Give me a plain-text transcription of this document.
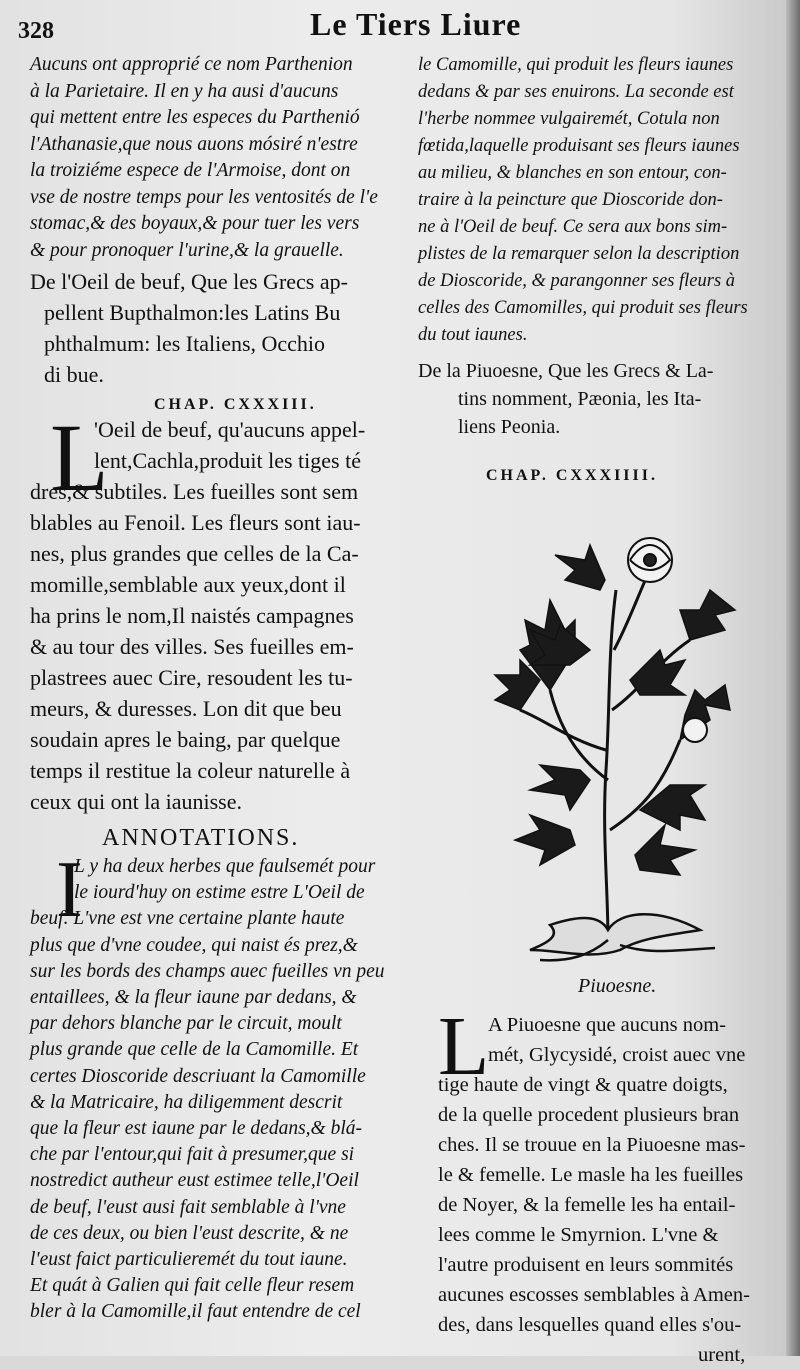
328	Le Tiers Liure
Aucuns ont approprié ce nom Parthenion
à la Parietaire. Il en y ha ausi d'aucuns
qui mettent entre les especes du Parthenió
l'Athanasie,que nous auons mósiré n'estre
la troiziéme espece de l'Armoise, dont on
vse de nostre temps pour les ventosités de l'e
stomac,& des boyaux,& pour tuer les vers
& pour pronoquer l'urine,& la grauelle.
De l'Oeil de beuf, Que les Grecs ap-
pellent Bupthalmon:les Latins Bu
phthalmum: les Italiens, Occhio
di bue.
CHAP. CXXXIII.
L
'Oeil de beuf, qu'aucuns appel-
lent,Cachla,produit les tiges té
dres,& subtiles. Les fueilles sont sem
blables au Fenoil. Les fleurs sont iau-
nes, plus grandes que celles de la Ca-
momille,semblable aux yeux,dont il
ha prins le nom,Il naistés campagnes
& au tour des villes. Ses fueilles em-
plastrees auec Cire, resoudent les tu-
meurs, & duresses. Lon dit que beu
soudain apres le baing, par quelque
temps il restitue la coleur naturelle à
ceux qui ont la iaunisse.
ANNOTATIONS.
I
L y ha deux herbes que faulsemét pour
le iourd'huy on estime estre L'Oeil de
beuf. L'vne est vne certaine plante haute
plus que d'vne coudee, qui naist és prez,&
sur les bords des champs auec fueilles vn peu
entaillees, & la fleur iaune par dedans, &
par dehors blanche par le circuit, moult
plus grande que celle de la Camomille. Et
certes Dioscoride descriuant la Camomille
& la Matricaire, ha diligemment descrit
que la fleur est iaune par le dedans,& blá-
che par l'entour,qui fait à presumer,que si
nostredict autheur eust estimee telle,l'Oeil
de beuf, l'eust ausi fait semblable à l'vne
de ces deux, ou bien l'eust descrite, & ne
l'eust faict particulieremét du tout iaune.
Et quát à Galien qui fait celle fleur resem
bler à la Camomille,il faut entendre de cel
le Camomille, qui produit les fleurs iaunes
dedans & par ses enuirons. La seconde est
l'herbe nommee vulgairemét, Cotula non
fœtida,laquelle produisant ses fleurs iaunes
au milieu, & blanches en son entour, con-
traire à la peincture que Dioscoride don-
ne à l'Oeil de beuf. Ce sera aux bons sim-
plistes de la remarquer selon la description
de Dioscoride, & parangonner ses fleurs à
celles des Camomilles, qui produit ses fleurs
du tout iaunes.
De la Piuoesne, Que les Grecs & La-
tins nomment, Pæonia, les Ita-
liens Peonia.
CHAP. CXXXIIII.
Piuoesne.
L
A Piuoesne que aucuns nom-
mét, Glycysidé, croist auec vne
tige haute de vingt & quatre doigts,
de la quelle procedent plusieurs bran
ches. Il se trouue en la Piuoesne mas-
le & femelle. Le masle ha les fueilles
de Noyer, & la femelle les ha entail-
lees comme le Smyrnion. L'vne &
l'autre produisent en leurs sommités
aucunes escosses semblables à Amen-
des, dans lesquelles quand elles s'ou-
urent,
